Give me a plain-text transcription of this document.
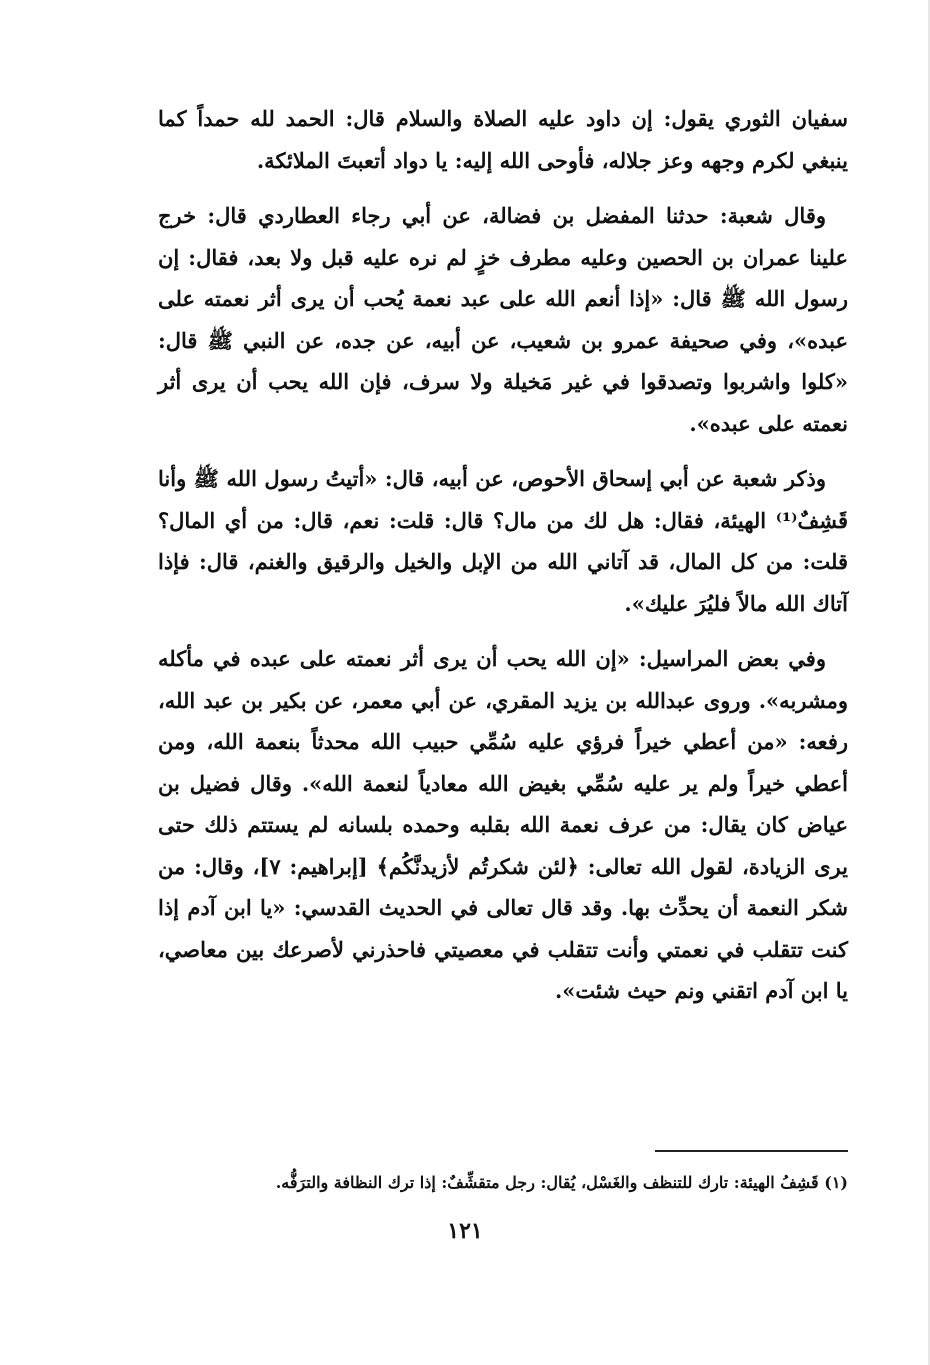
سفيان الثوري يقول: إن داود عليه الصلاة والسلام قال: الحمد لله حمداً كما ينبغي لكرم وجهه وعز جلاله، فأوحى الله إليه: يا دواد أتعبتَ الملائكة.

وقال شعبة: حدثنا المفضل بن فضالة، عن أبي رجاء العطاردي قال: خرج علينا عمران بن الحصين وعليه مطرف خزٍ لم نره عليه قبل ولا بعد، فقال: إن رسول الله ﷺ قال: «إذا أنعم الله على عبد نعمة يُحب أن يرى أثر نعمته على عبده»، وفي صحيفة عمرو بن شعيب، عن أبيه، عن جده، عن النبي ﷺ قال: «كلوا واشربوا وتصدقوا في غير مَخيلة ولا سرف، فإن الله يحب أن يرى أثر نعمته على عبده».

وذكر شعبة عن أبي إسحاق الأحوص، عن أبيه، قال: «أتيتُ رسول الله ﷺ وأنا قَشِفٌ⁽¹⁾ الهيئة، فقال: هل لك من مال؟ قال: قلت: نعم، قال: من أي المال؟ قلت: من كل المال، قد آتاني الله من الإبل والخيل والرقيق والغنم، قال: فإذا آتاك الله مالاً فليُرَ عليك».

وفي بعض المراسيل: «إن الله يحب أن يرى أثر نعمته على عبده في مأكله ومشربه». وروى عبدالله بن يزيد المقري، عن أبي معمر، عن بكير بن عبد الله، رفعه: «من أعطي خيراً فرؤي عليه سُمِّي حبيب الله محدثاً بنعمة الله، ومن أعطي خيراً ولم ير عليه سُمِّي بغيض الله معادياً لنعمة الله». وقال فضيل بن عياض كان يقال: من عرف نعمة الله بقلبه وحمده بلسانه لم يستتم ذلك حتى يرى الزيادة، لقول الله تعالى: ﴿لئن شكرتُم لأزيدنَّكُم﴾ [إبراهيم: ٧]، وقال: من شكر النعمة أن يحدِّث بها. وقد قال تعالى في الحديث القدسي: «يا ابن آدم إذا كنت تتقلب في نعمتي وأنت تتقلب في معصيتي فاحذرني لأصرعك بين معاصي، يا ابن آدم اتقني ونم حيث شئت».

(١) قَشِفُ الهيئة: تارك للتنظف والغَسْل، يُقال: رجل متقشِّفٌ: إذا ترك النظافة والترَفُّه.
١٢١
